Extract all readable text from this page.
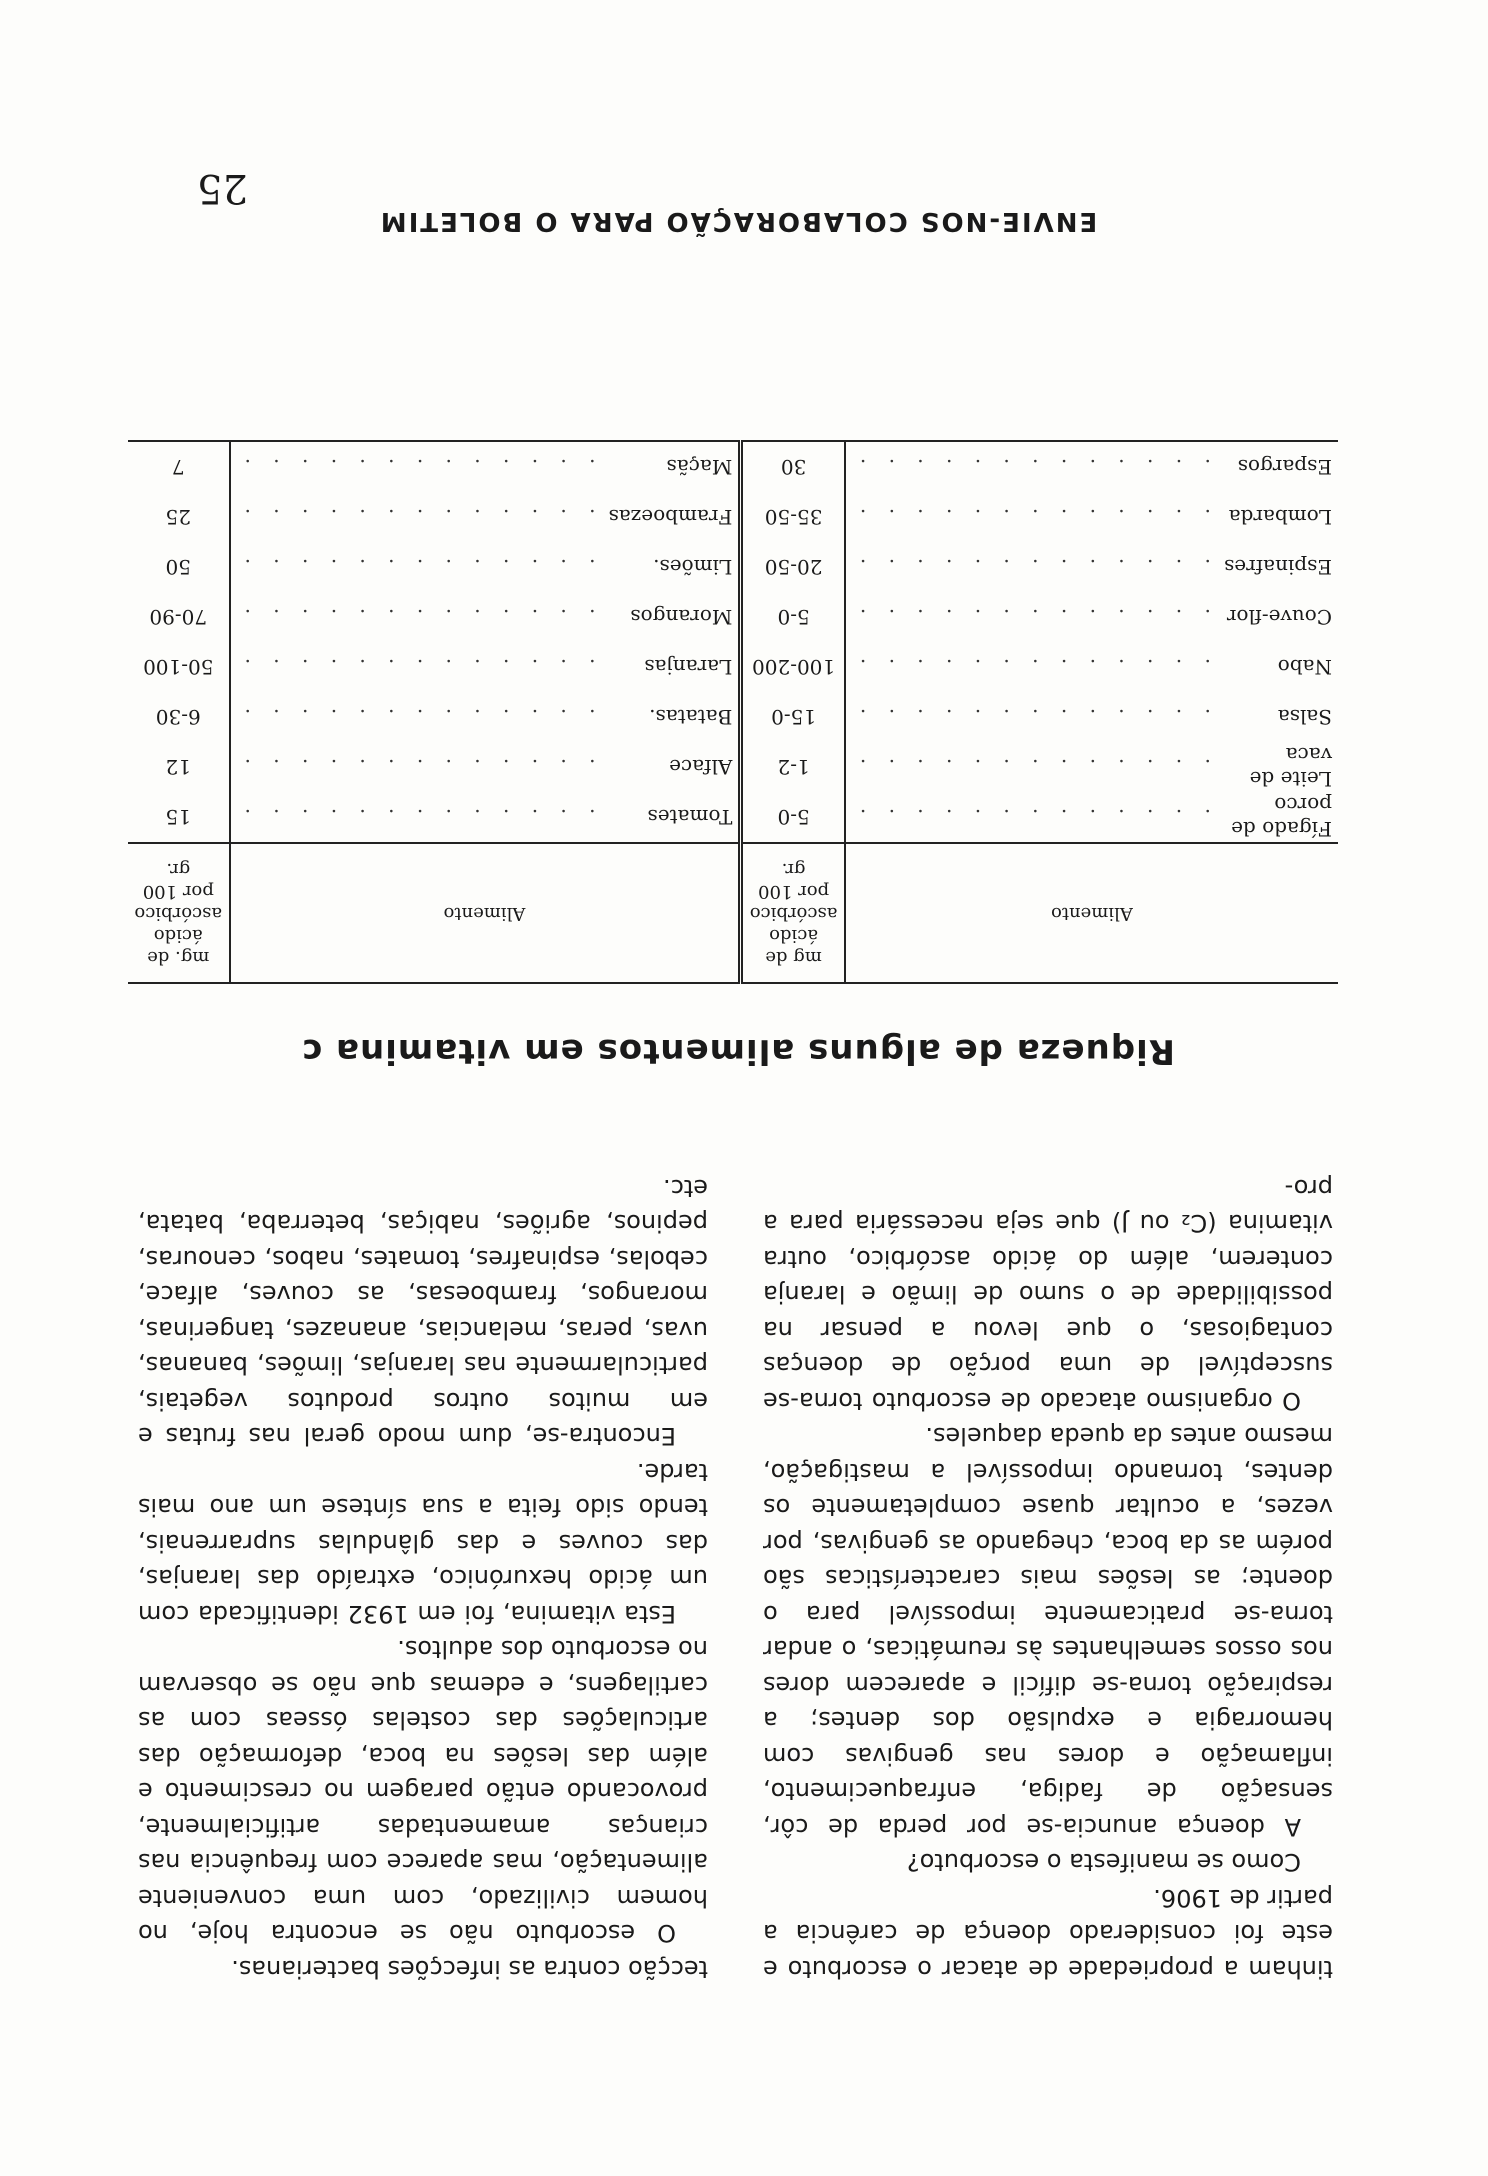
tinham a propriedade de atacar o escorbuto e este foi considerado doença de carência a partir de 1906.

Como se manifesta o escorbuto?

A doença anuncia-se por perda de côr, sensação de fadiga, enfraquecimento, inflamação e dores nas gengivas com hemorragia e expulsão dos dentes; a respiração torna-se difícil e aparecem dores nos ossos semelhantes às reumáticas, o andar torna-se praticamente impossível para o doente; as lesões mais características são porém as da boca, chegando as gengivas, por vezes, a ocultar quase completamente os dentes, tornando impossível a mastigação, mesmo antes da queda daqueles.

O organismo atacado de escorbuto torna-se susceptível de uma porção de doenças contagiosas, o que levou a pensar na possibilidade de o sumo de limão e laranja conterem, além do ácido ascórbico, outra vitamina (C₂ ou J) que seja necessária para a pro-

tecção contra as infecções bacterianas.

O escorbuto não se encontra hoje, no homem civilizado, com uma conveniente alimentação, mas aparece com frequência nas crianças amamentadas artificialmente, provocando então paragem no crescimento e além das lesões na boca, deformação das articulações das costelas ósseas com as cartilagens, e edemas que não se observam no escorbuto dos adultos.

Esta vitamina, foi em 1932 identificada com um ácido hexurónico, extraído das laranjas, das couves e das glândulas suprarrenais, tendo sido feita a sua síntese um ano mais tarde.

Encontra-se, dum modo geral nas frutas e em muitos outros produtos vegetais, particularmente nas laranjas, limões, bananas, uvas, peras, melancias, ananazes, tangerinas, morangos, framboesas, as couves, alface, cebolas, espinafres, tomates, nabos, cenouras, pepinos, agriões, nabiças, beterraba, batata, etc.

Riqueza de alguns alimentos em vitamina c
Alimento		mg de ácido ascórbico por 100 gr.	Alimento		mg. de ácido ascórbico por 100 gr.
Fígado de porco	. . . . . . . . . . . . .	5-0	Tomates	. . . . . . . . . . . . .	15
Leite de vaca	. . . . . . . . . . . . .	1-2	Alface	. . . . . . . . . . . . .	12
Salsa	. . . . . . . . . . . . .	15-0	Batatas.	. . . . . . . . . . . . .	6-30
Nabo	. . . . . . . . . . . . .	100-200	Laranjas	. . . . . . . . . . . . .	50-100
Couve-flor	. . . . . . . . . . . . .	5-0	Morangos	. . . . . . . . . . . . .	70-90
Espinafres	. . . . . . . . . . . . .	20-50	Limões.	. . . . . . . . . . . . .	50
Lombarda	. . . . . . . . . . . . .	35-50	Framboezas	. . . . . . . . . . . . .	25
Espargos	. . . . . . . . . . . . .	30	Maçãs	. . . . . . . . . . . . .	7
ENVIE-NOS COLABORAÇÃO PARA O BOLETIM
25
